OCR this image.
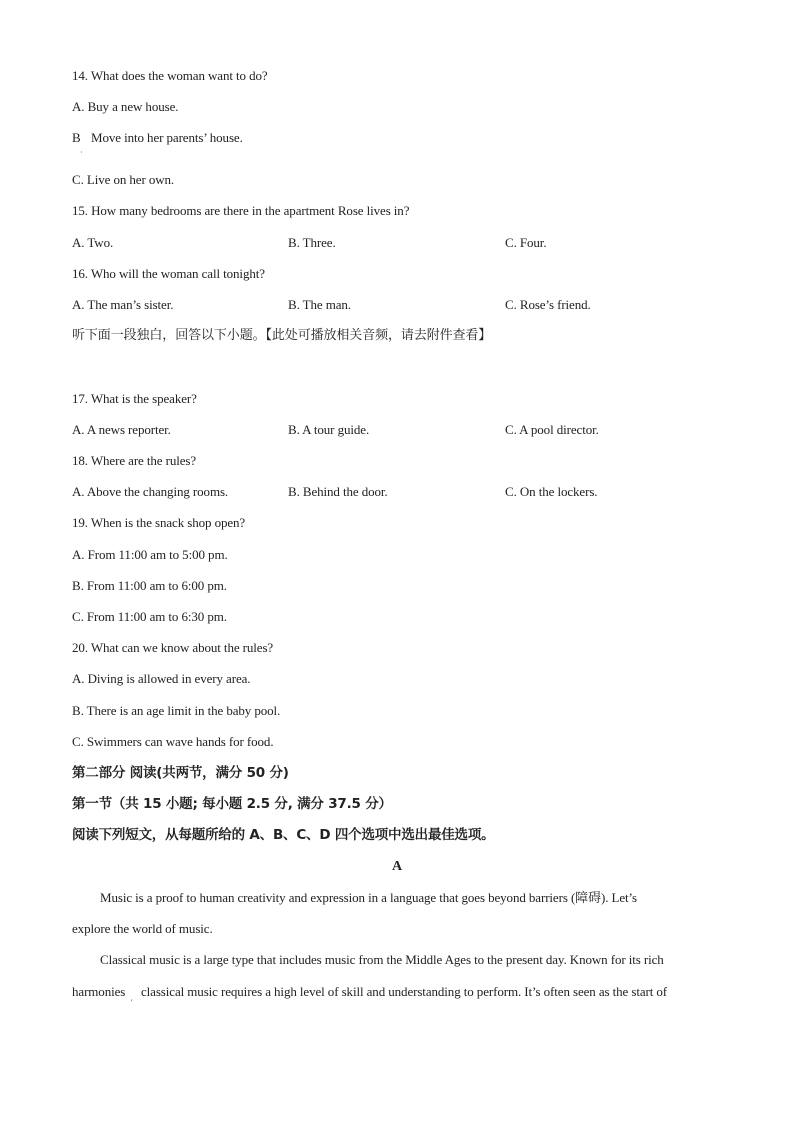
14. What does the woman want to do?
A. Buy a new house.
B Move into her parents’ house.
·
C. Live on her own.
15. How many bedrooms are there in the apartment Rose lives in?
A. Two.	B. Three.	C. Four.
16. Who will the woman call tonight?
A. The man’s sister.	B. The man.	C. Rose’s friend.
听下面一段独白，回答以下小题。【此处可播放相关音频，请去附件查看】
17. What is the speaker?
A. A news reporter.	B. A tour guide.	C. A pool director.
18. Where are the rules?
A. Above the changing rooms.	B. Behind the door.	C. On the lockers.
19. When is the snack shop open?
A. From 11:00 am to 5:00 pm.
B. From 11:00 am to 6:00 pm.
C. From 11:00 am to 6:30 pm.
20. What can we know about the rules?
A. Diving is allowed in every area.
B. There is an age limit in the baby pool.
C. Swimmers can wave hands for food.
第二部分 阅读(共两节，满分 50 分)
第一节（共 15 小题; 每小题 2.5 分, 满分 37.5 分）
阅读下列短文，从每题所给的 A、B、C、D 四个选项中选出最佳选项。
A
Music is a proof to human creativity and expression in a language that goes beyond barriers (障碍). Let’s
explore the world of music.
Classical music is a large type that includes music from the Middle Ages to the present day. Known for its rich
harmonies classical music requires a high level of skill and understanding to perform. It’s often seen as the start of
'
